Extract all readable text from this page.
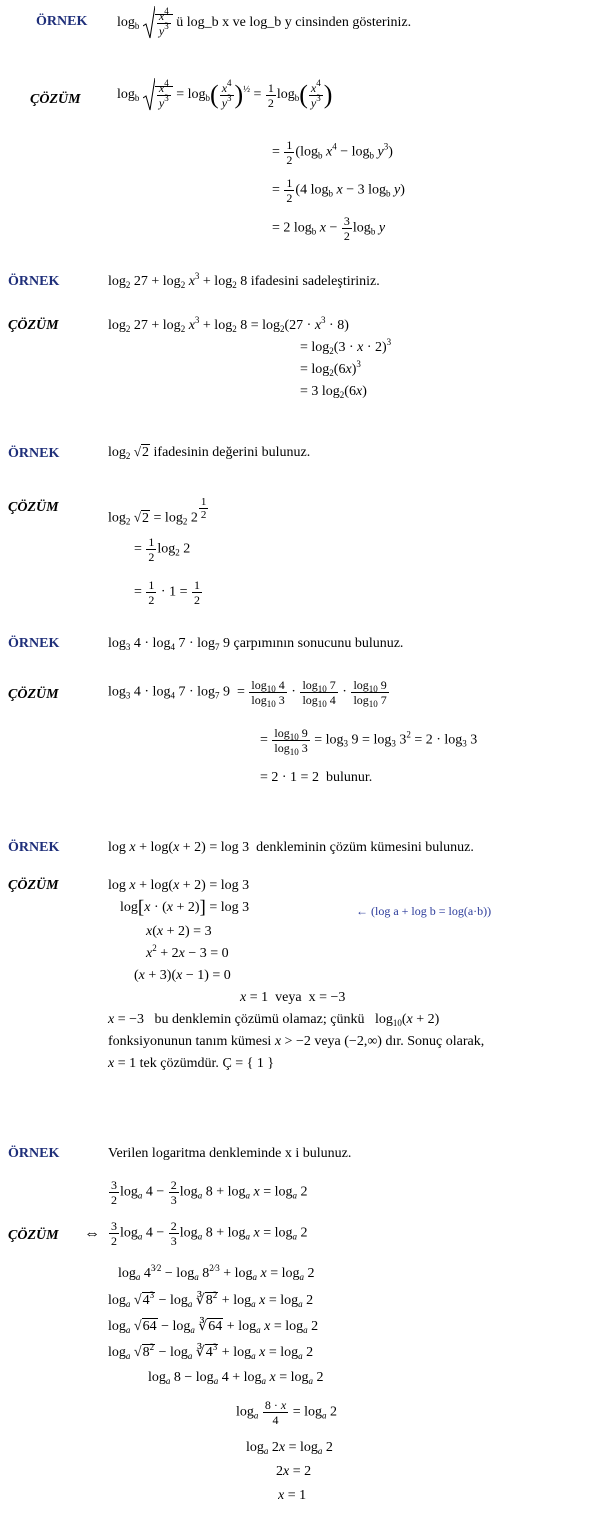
ÖRNEK $\log_b \frac{x^4}{y^3}$ ü log_b x ve log_b y cinsinden gösteriniz.
ÇÖZÜM	$\log_b \frac{x^4}{y^3} = \log_b( \frac{x^4}{y^3} )^{\frac{1}{2}} = \frac{1}{2} \log_b( \frac{x^4}{y^3}$ )
= $\frac{1}{2} (\log_b$ $x^4 - \log_b y^3$)
= $\frac{1}{2} (4$ $\log_b x - 3$ $\log_b y$)
= 2 $\log_b x - \frac{3}{2} \log_b y$
ÖRNEK	$\log_2 27 + \log_2 x^3 + \log_2 8$ ifadesini sadeleştiriniz.
ÇÖZÜM	$\log_2 27 + \log_2 x^3 + \log_2 8 = \log_2(27 \cdot x^3 \cdot 8)$
= $\log_2(3 \cdot x \cdot 2)^3$
= $\log_2(6x)^3$
= 3 $\log_2(6x)$
ÖRNEK	$\log_2 √2$ ifadesinin değerini bulunuz.
ÇÖZÜM
$\log_2 √2 = \log_2 2 \frac{1}{2}$
= $\frac{1}{2} \log_2 2$
= $\frac{1}{2} \cdot 1 = \frac{1}{2}$
ÖRNEK	$\log_3 4 \cdot \log_4 7 \cdot \log_7 9$ çarpımının sonucunu bulunuz.
ÇÖZÜM	$\log_3 4 \cdot \log_4 7 \cdot \log_7 9 = \frac{\log_{10} 4}{\log_{10} 3} \cdot \frac{\log_{10} 7}{\log_{10} 4} \cdot \frac{\log_{10} 9}{\log_{10} 7}$
= $\frac{\log_{10} 9}{\log_{10} 3} = \log_3 9 = \log_3 3^2 = 2 \cdot \log_3 3$
= 2 · 1 = 2  bulunur.
ÖRNEK	log x + log(x + 2) = log 3  denkleminin çözüm kümesini bulunuz.
ÇÖZÜM	log x + log(x + 2) = log 3
log[x · (x + 2)] = log 3	← (log a + log b = log(a·b))
x(x + 2) = 3
$x^2 + 2x - 3 = 0$
(x + 3)(x − 1) = 0
x = 1  veya  x = −3
x = −3   bu denklemin çözümü olamaz; çünkü   $\log_{10}(x + 2)$
fonksiyonunun tanım kümesi x > −2 veya (−2,∞) dır. Sonuç olarak,
x = 1 tek çözümdür. Ç = { 1 }
ÖRNEK	Verilen logaritma denkleminde x i bulunuz.
$\frac{3}{2} \log_a 4 - \frac{2}{3} \log_a 8 + \log_a x = \log_a 2$
ÇÖZÜM ⇔ $\frac{3}{2} \log_a 4 - \frac{2}{3} \log_a 8 + \log_a x = \log_a 2$
$\log_a 4^{3⁄2} - \log_a 8^{2⁄3} + \log_a x = \log_a 2$
$\log_a √4^3 - \log_a$ $∛8^2 + \log_a x = \log_a 2$
$\log_a √64 - \log_a$ ∛64 + $\log_a x = \log_a 2$
$\log_a √8^2 - \log_a$ $∛4^3 + \log_a x = \log_a 2$
$\log_a 8 - \log_a 4 + \log_a x = \log_a 2$
$\log_a \frac{8 \cdot x}{4} = \log_a 2$
$\log_a 2x = \log_a 2$
2x = 2
x = 1
